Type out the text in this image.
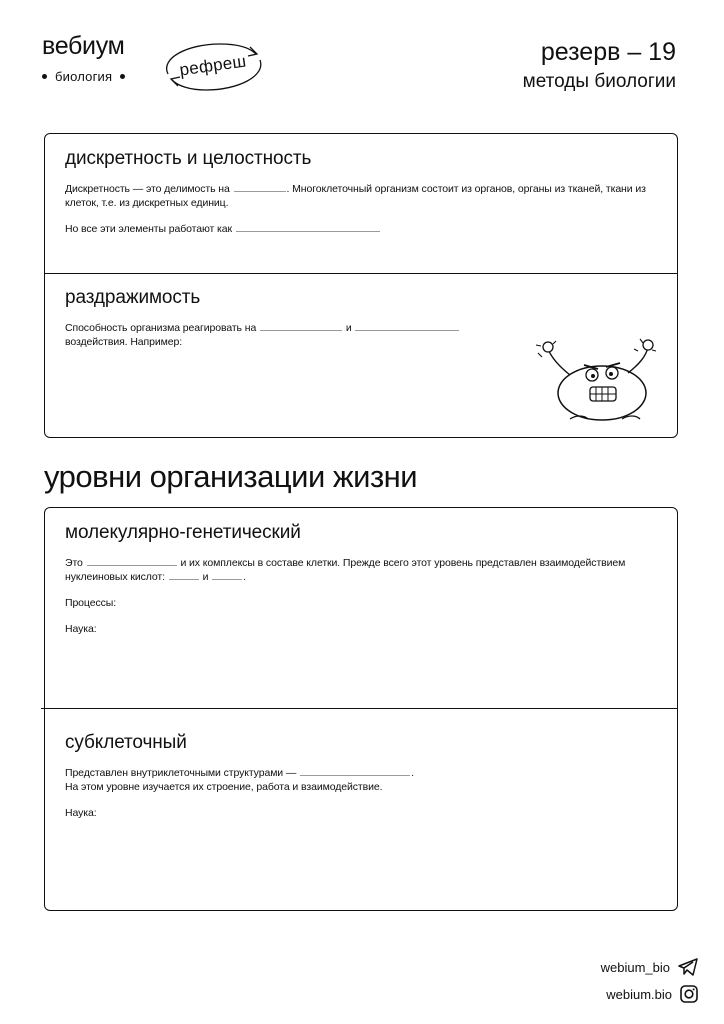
вебиум
биология	рефреш	резерв – 19
методы биологии
дискретность и целостность

Дискретность — это делимость на	. Многоклеточный организм состоит из органов, органы из тканей, ткани из клеток, т.е. из дискретных единиц.

Но все эти элементы работают как

раздражимость

Способность организма реагировать на	и
воздействия. Например:

уровни организации жизни
молекулярно-генетический

Это	и их комплексы в составе клетки. Прежде всего этот уровень представлен взаимодействием нуклеиновых кислот:	и	.

Процессы:

Наука:

субклеточный

Представлен внутриклеточными структурами —	.
На этом уровне изучается их строение, работа и взаимодействие.

Наука:

webium_bio
webium.bio
